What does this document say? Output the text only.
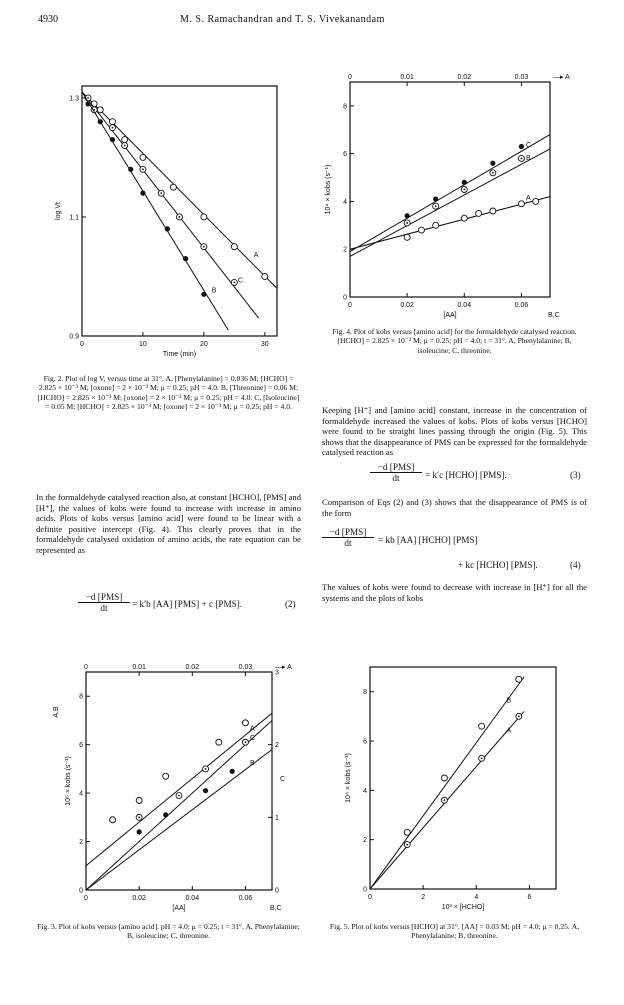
4930	M. S. Ramachandran and T. S. Vivekanandam
0	10	20	30
0.9
1.1
1.3
Time (min)
log Vt
A
C
B

Fig. 2. Plot of log V, versus time at 31°. A, [Phenylalanine] = 0.036 M; [HCHO] = 2.825 × 10⁻³ M; [oxone] = 2 × 10⁻³ M; μ = 0.25; pH = 4.0. B, [Threonine] = 0.06 M; [HCHO] = 2.825 × 10⁻³ M; [oxone] = 2 × 10⁻³ M; μ = 0.25; pH = 4.0. C, [Isoleucine] = 0.05 M; [HCHO] = 2.825 × 10⁻³ M; [oxone] = 2 × 10⁻³ M; μ = 0.25; pH = 4.0.

0	0.02	0.04	0.06
0
2
4
6
8
0	0.01	0.02	0.03	—▸ A
[AA]	B,C
10⁴ × kobs (s⁻¹)
C
B
A

Fig. 4. Plot of kobs versus [amino acid] for the formaldehyde catalysed reaction. [HCHO] = 2.825 × 10⁻³ M; μ = 0.25; pH = 4.0; t = 31°. A, Phenylalanine; B, isoleucine; C, threonine.

In the formaldehyde catalysed reaction also, at constant [HCHO], [PMS] and [H⁺], the values of kobs were found to increase with increase in amino acids. Plots of kobs versus [amino acid] were found to be linear with a definite positive intercept (Fig. 4). This clearly proves that in the formaldehyde catalysed oxidation of amino acids, the rate equation can be represented as

−d [PMS]
dt	= k′b [AA] [PMS] + c [PMS].	(2)

Keeping [H⁺] and [amino acid] constant, increase in the concentration of formaldehyde increased the values of kobs. Plots of kobs versus [HCHO] were found to be straight lines passing through the origin (Fig. 5). This shows that the disappearance of PMS can be expressed for the formaldehyde catalysed reaction as

−d [PMS]
dt	= k′c [HCHO] [PMS].	(3)

Comparison of Eqs (2) and (3) shows that the disappearance of PMS is of the form

−d [PMS]
dt	= kb [AA] [HCHO] [PMS]
+ kc [HCHO] [PMS].	(4)

The values of kobs were found to decrease with increase in [H⁺] for all the systems and the plots of kobs

0	0.02	0.04	0.06
0
2
4
6
8
0	0.01	0.02	0.03	—▸ A
0
1
2
3
C
A,B
[AA]	B,C
10⁵ × kobs (s⁻¹)
A
C
B

Fig. 3. Plot of kobs versus [amino acid]. pH = 4.0; μ = 0.25; t = 31°. A, Phenylalanine; B, isoleucine; C, threonine.

0	2	4	6
0
2
4
6
8
10³ × [HCHO]
10⁴ × kobs (s⁻¹)
B
A

Fig. 5. Plot of kobs versus [HCHO] at 31°. [AA] = 0.03 M; pH = 4.0; μ = 0.25. A, Phenylalanine; B, threonine.
